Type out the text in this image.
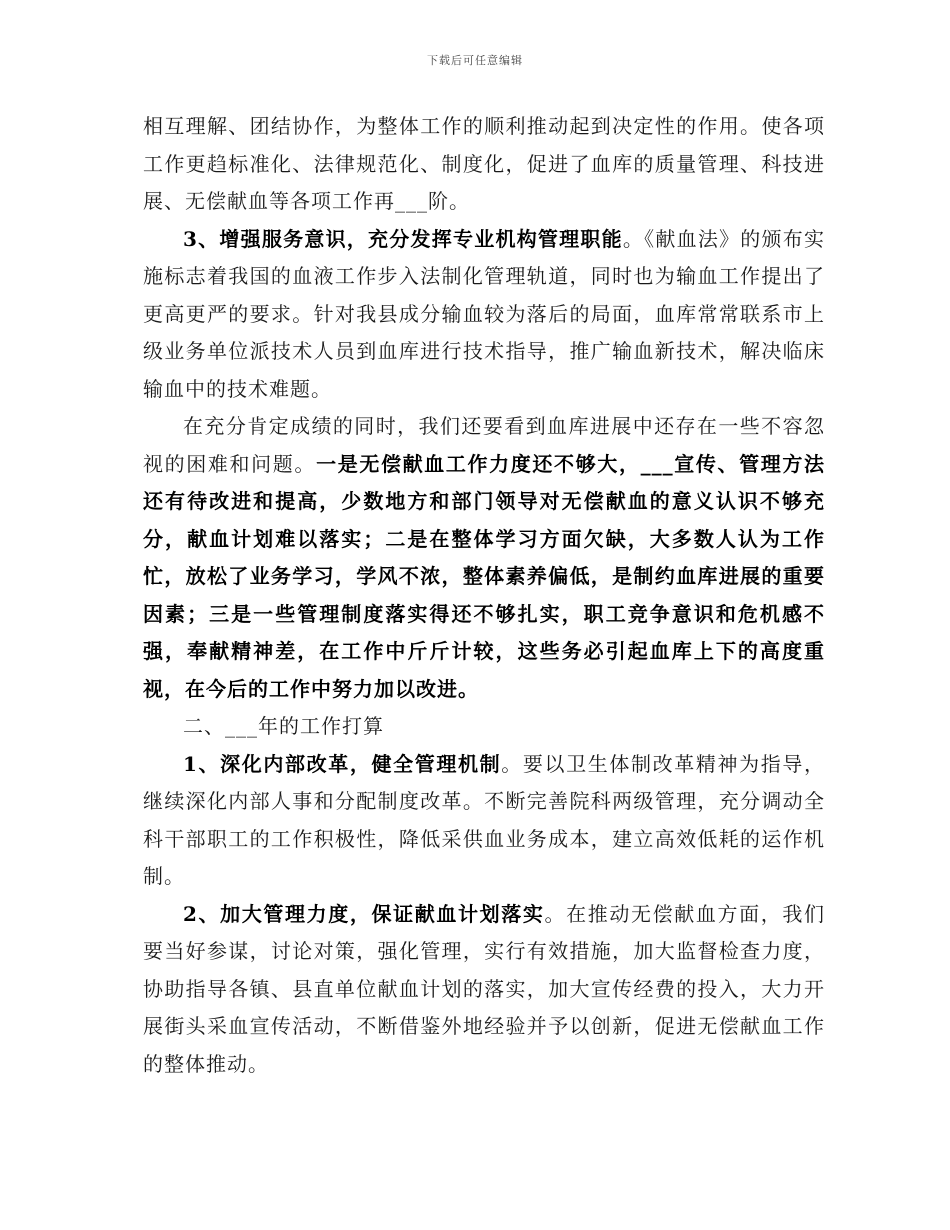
下载后可任意编辑

相互理解、团结协作，为整体工作的顺利推动起到决定性的作用。使各项工作更趋标准化、法律规范化、制度化，促进了血库的质量管理、科技进展、无偿献血等各项工作再___阶。

3、增强服务意识，充分发挥专业机构管理职能。《献血法》的颁布实施标志着我国的血液工作步入法制化管理轨道，同时也为输血工作提出了更高更严的要求。针对我县成分输血较为落后的局面，血库常常联系市上级业务单位派技术人员到血库进行技术指导，推广输血新技术，解决临床输血中的技术难题。

在充分肯定成绩的同时，我们还要看到血库进展中还存在一些不容忽视的困难和问题。一是无偿献血工作力度还不够大，___宣传、管理方法还有待改进和提高，少数地方和部门领导对无偿献血的意义认识不够充分，献血计划难以落实；二是在整体学习方面欠缺，大多数人认为工作忙，放松了业务学习，学风不浓，整体素养偏低，是制约血库进展的重要因素；三是一些管理制度落实得还不够扎实，职工竞争意识和危机感不强，奉献精神差，在工作中斤斤计较，这些务必引起血库上下的高度重视，在今后的工作中努力加以改进。

二、___年的工作打算

1、深化内部改革，健全管理机制。要以卫生体制改革精神为指导，继续深化内部人事和分配制度改革。不断完善院科两级管理，充分调动全科干部职工的工作积极性，降低采供血业务成本，建立高效低耗的运作机制。

2、加大管理力度，保证献血计划落实。在推动无偿献血方面，我们要当好参谋，讨论对策，强化管理，实行有效措施，加大监督检查力度，协助指导各镇、县直单位献血计划的落实，加大宣传经费的投入，大力开展街头采血宣传活动，不断借鉴外地经验并予以创新，促进无偿献血工作的整体推动。
